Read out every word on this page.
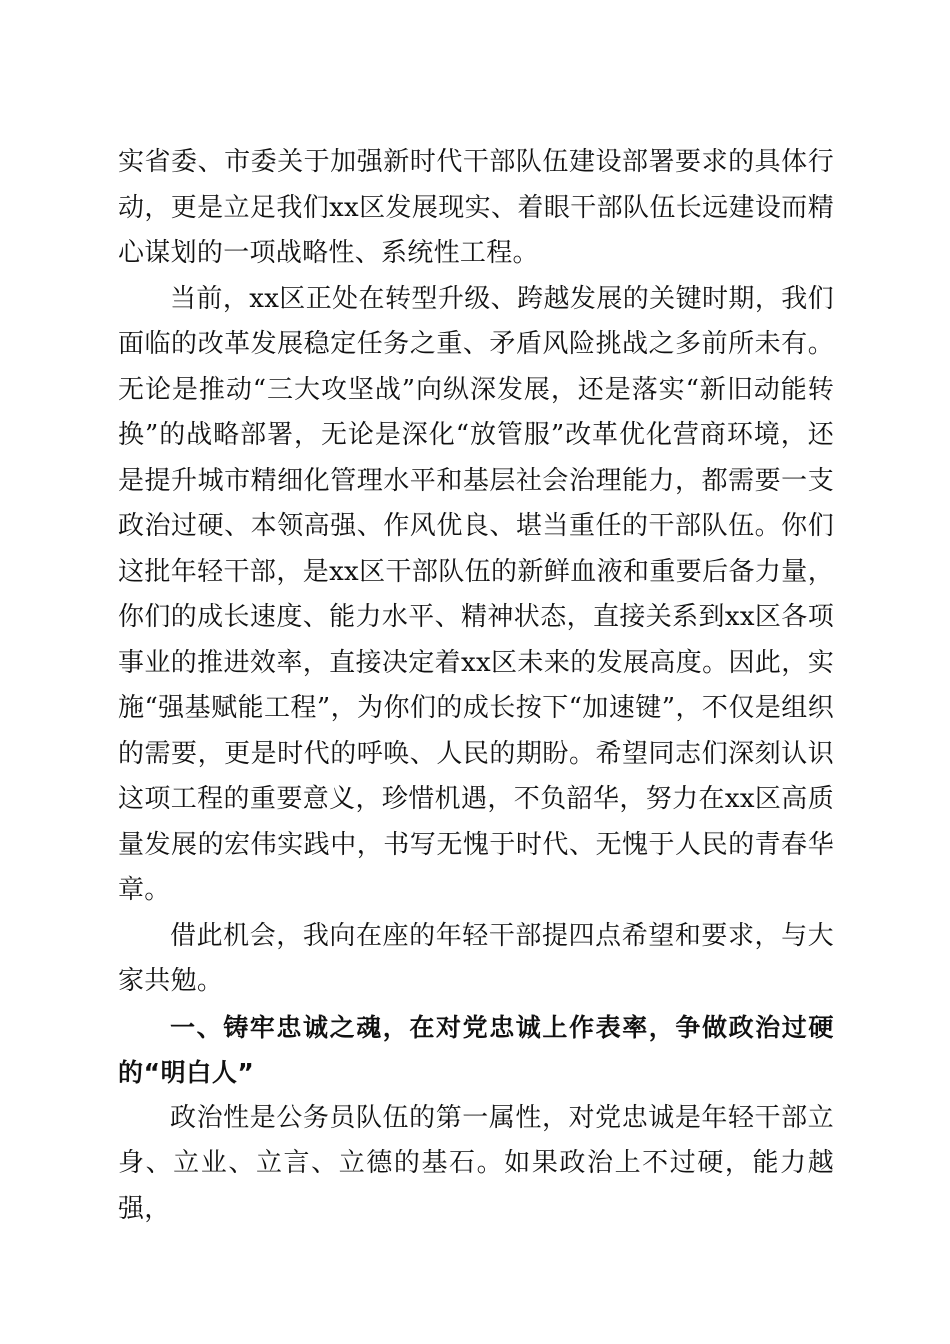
实省委、市委关于加强新时代干部队伍建设部署要求的具体行动，更是立足我们xx区发展现实、着眼干部队伍长远建设而精心谋划的一项战略性、系统性工程。

当前，xx区正处在转型升级、跨越发展的关键时期，我们面临的改革发展稳定任务之重、矛盾风险挑战之多前所未有。无论是推动“三大攻坚战”向纵深发展，还是落实“新旧动能转换”的战略部署，无论是深化“放管服”改革优化营商环境，还是提升城市精细化管理水平和基层社会治理能力，都需要一支政治过硬、本领高强、作风优良、堪当重任的干部队伍。你们这批年轻干部，是xx区干部队伍的新鲜血液和重要后备力量，你们的成长速度、能力水平、精神状态，直接关系到xx区各项事业的推进效率，直接决定着xx区未来的发展高度。因此，实施“强基赋能工程”，为你们的成长按下“加速键”，不仅是组织的需要，更是时代的呼唤、人民的期盼。希望同志们深刻认识这项工程的重要意义，珍惜机遇，不负韶华，努力在xx区高质量发展的宏伟实践中，书写无愧于时代、无愧于人民的青春华章。

借此机会，我向在座的年轻干部提四点希望和要求，与大家共勉。

一、铸牢忠诚之魂，在对党忠诚上作表率，争做政治过硬的“明白人”

政治性是公务员队伍的第一属性，对党忠诚是年轻干部立身、立业、立言、立德的基石。如果政治上不过硬，能力越强，
